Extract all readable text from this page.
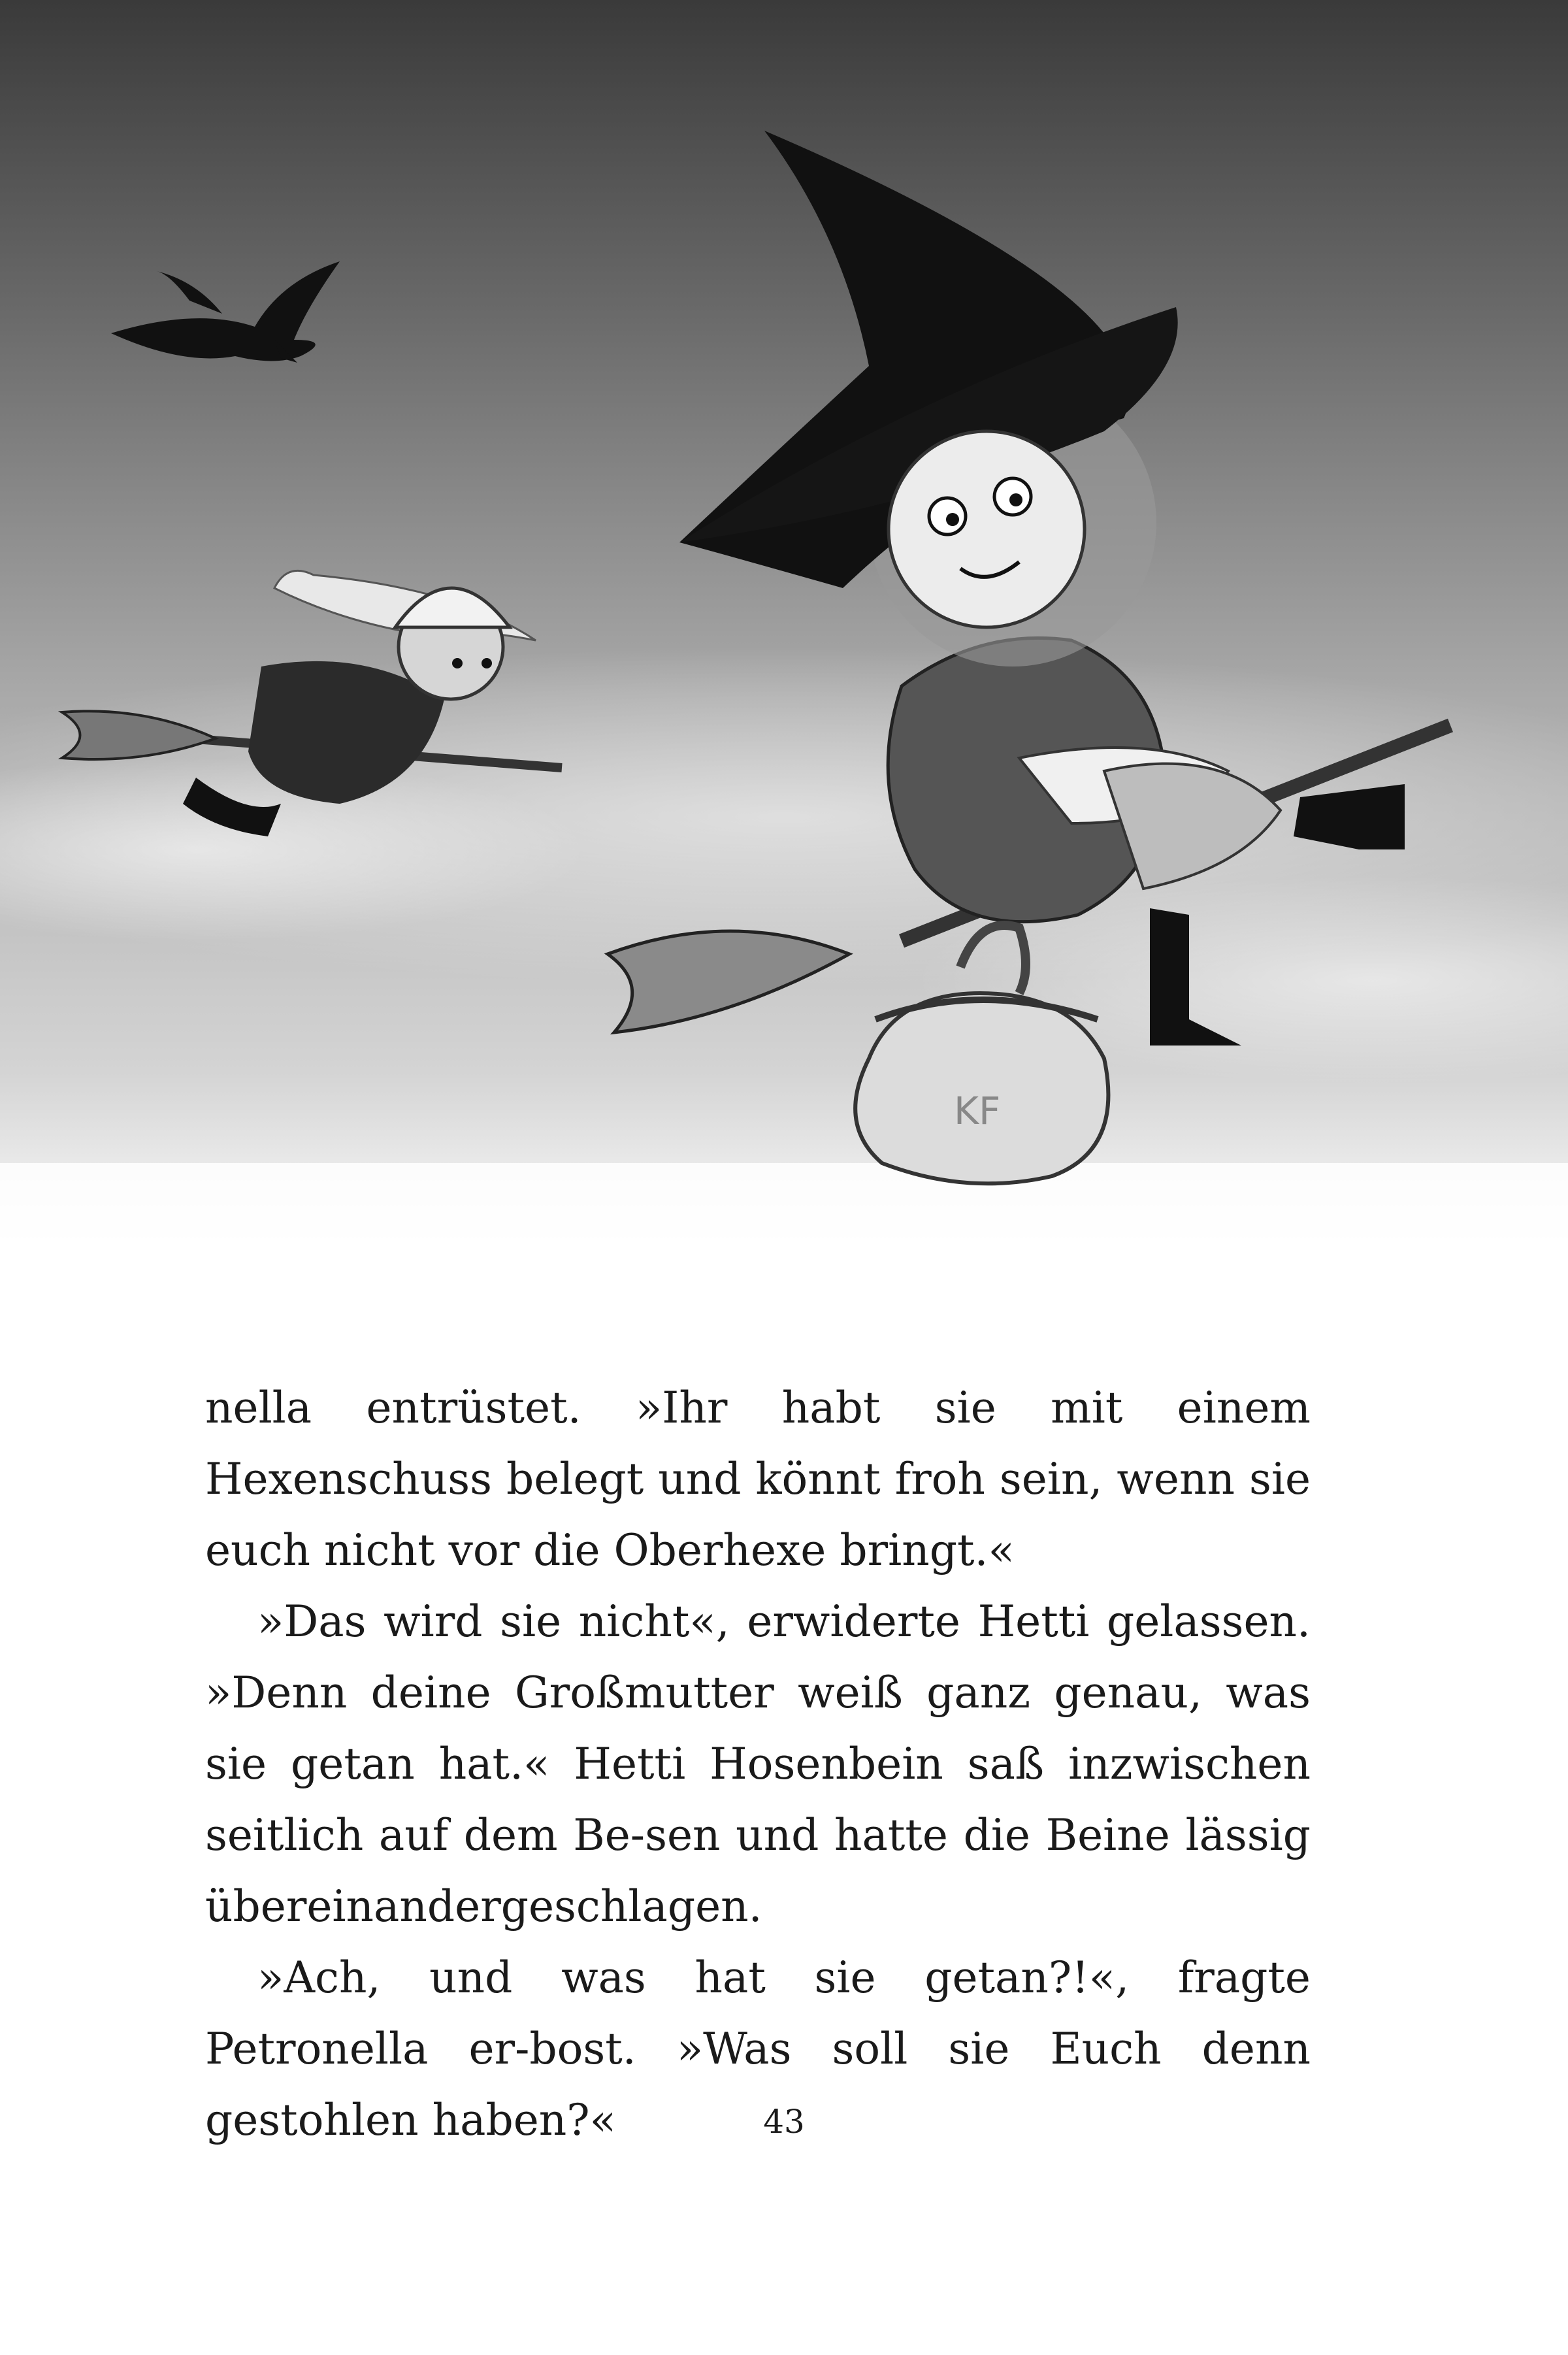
KF

nella entrüstet. »Ihr habt sie mit einem Hexenschuss belegt und könnt froh sein, wenn sie euch nicht vor die Oberhexe bringt.«

»Das wird sie nicht«, erwiderte Hetti gelassen. »Denn deine Großmutter weiß ganz genau, was sie getan hat.« Hetti Hosenbein saß inzwischen seitlich auf dem Be-sen und hatte die Beine lässig übereinandergeschlagen.

»Ach, und was hat sie getan?!«, fragte Petronella er-bost. »Was soll sie Euch denn gestohlen haben?«	43
